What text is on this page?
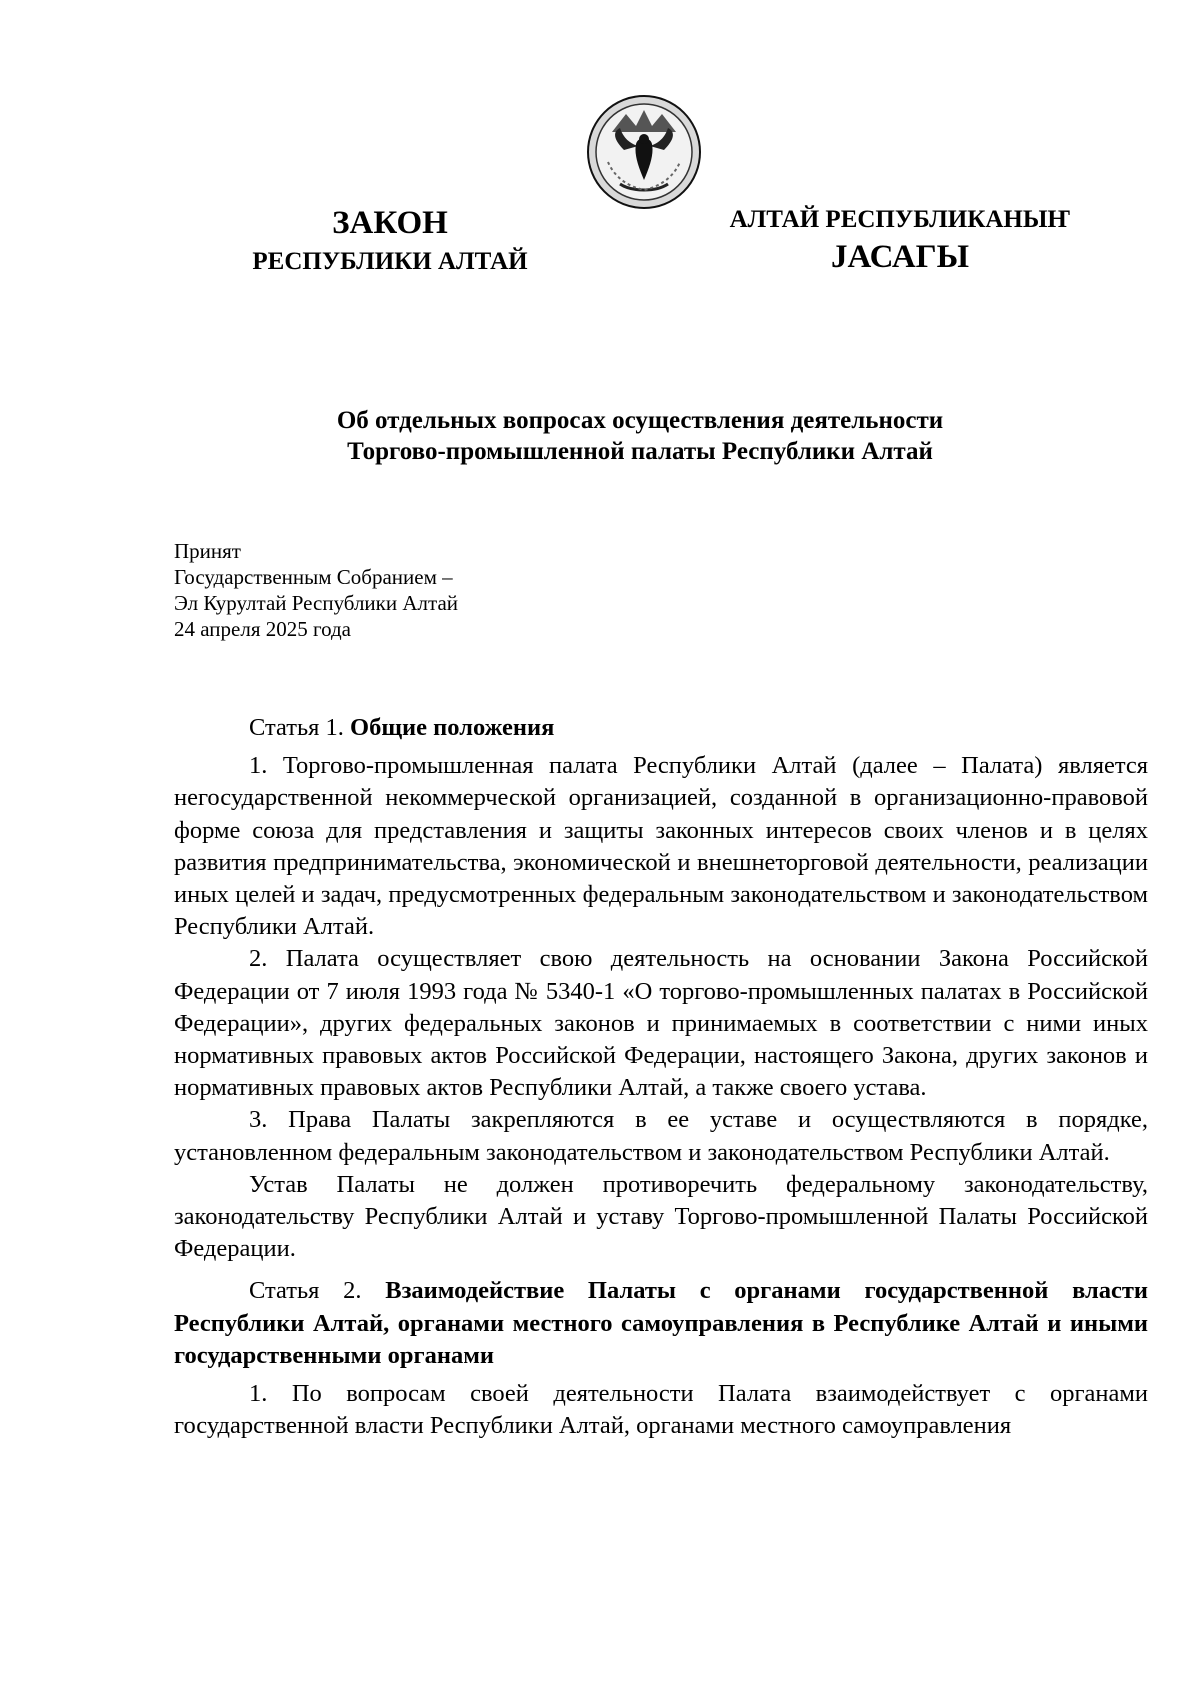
ЗАКОН
РЕСПУБЛИКИ АЛТАЙ
АЛТАЙ РЕСПУБЛИКАНЫҤ
JАСАГЫ
Об отдельных вопросах осуществления деятельности
Торгово-промышленной палаты Республики Алтай
Принят
Государственным Собранием –
Эл Курултай Республики Алтай
24 апреля 2025 года

Статья 1. Общие положения

1. Торгово-промышленная палата Республики Алтай (далее – Палата) является негосударственной некоммерческой организацией, созданной в организационно-правовой форме союза для представления и защиты законных интересов своих членов и в целях развития предпринимательства, экономической и внешнеторговой деятельности, реализации иных целей и задач, предусмотренных федеральным законодательством и законодательством Республики Алтай.

2. Палата осуществляет свою деятельность на основании Закона Российской Федерации от 7 июля 1993 года № 5340-1 «О торгово-промышленных палатах в Российской Федерации», других федеральных законов и принимаемых в соответствии с ними иных нормативных правовых актов Российской Федерации, настоящего Закона, других законов и нормативных правовых актов Республики Алтай, а также своего устава.

3. Права Палаты закрепляются в ее уставе и осуществляются в порядке, установленном федеральным законодательством и законодательством Республики Алтай.

Устав Палаты не должен противоречить федеральному законодательству, законодательству Республики Алтай и уставу Торгово-промышленной Палаты Российской Федерации.

Статья 2. Взаимодействие Палаты с органами государственной власти Республики Алтай, органами местного самоуправления в Республике Алтай и иными государственными органами

1. По вопросам своей деятельности Палата взаимодействует с органами государственной власти Республики Алтай, органами местного самоуправления
